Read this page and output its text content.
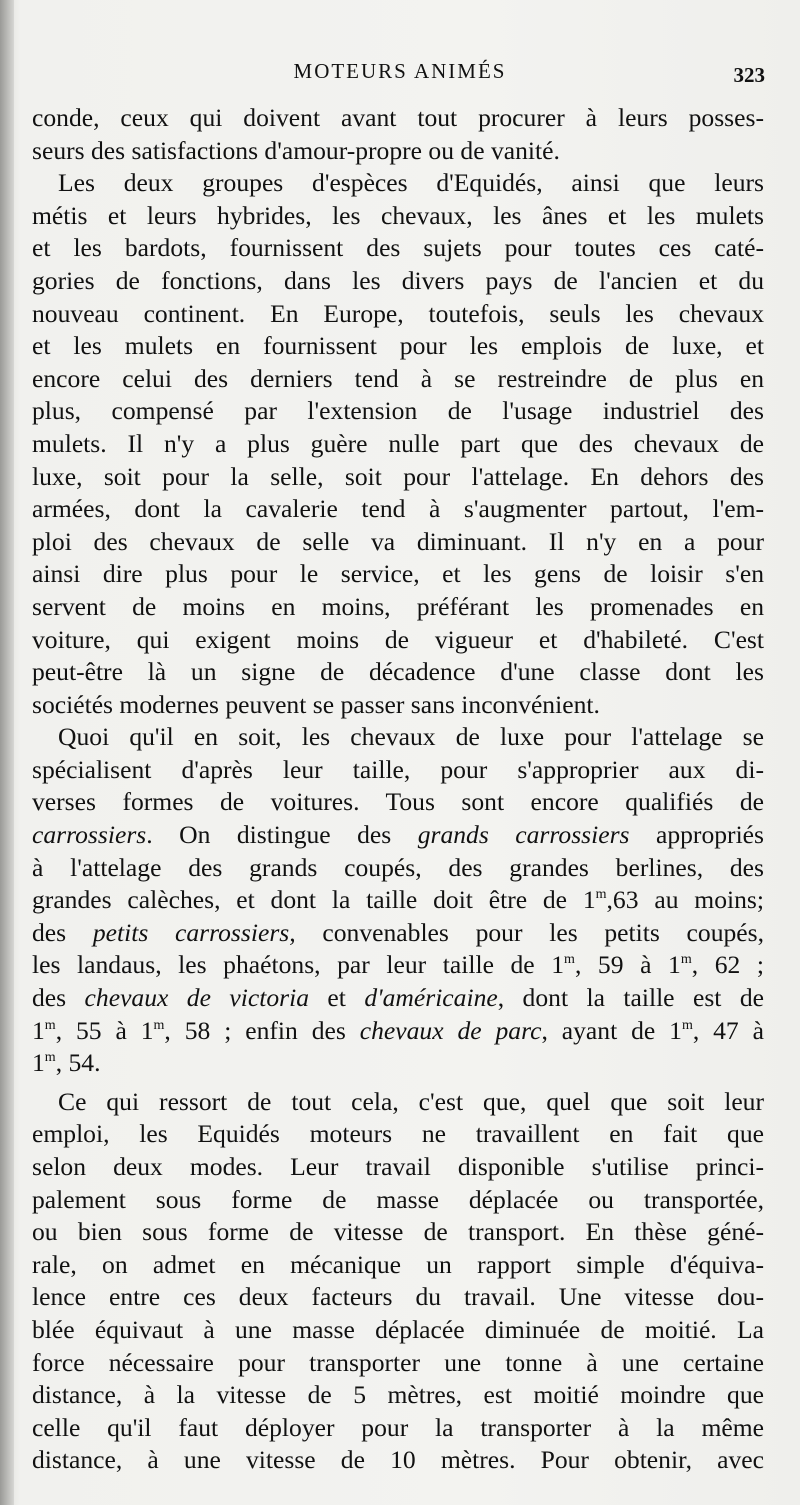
MOTEURS ANIMÉS	323

conde, ceux qui doivent avant tout procurer à leurs posses-

seurs des satisfactions d'amour-propre ou de vanité.

Les deux groupes d'espèces d'Equidés, ainsi que leurs

métis et leurs hybrides, les chevaux, les ânes et les mulets

et les bardots, fournissent des sujets pour toutes ces caté-

gories de fonctions, dans les divers pays de l'ancien et du

nouveau continent. En Europe, toutefois, seuls les chevaux

et les mulets en fournissent pour les emplois de luxe, et

encore celui des derniers tend à se restreindre de plus en

plus, compensé par l'extension de l'usage industriel des

mulets. Il n'y a plus guère nulle part que des chevaux de

luxe, soit pour la selle, soit pour l'attelage. En dehors des

armées, dont la cavalerie tend à s'augmenter partout, l'em-

ploi des chevaux de selle va diminuant. Il n'y en a pour

ainsi dire plus pour le service, et les gens de loisir s'en

servent de moins en moins, préférant les promenades en

voiture, qui exigent moins de vigueur et d'habileté. C'est

peut-être là un signe de décadence d'une classe dont les

sociétés modernes peuvent se passer sans inconvénient.

Quoi qu'il en soit, les chevaux de luxe pour l'attelage se

spécialisent d'après leur taille, pour s'approprier aux di-

verses formes de voitures. Tous sont encore qualifiés de

carrossiers. On distingue des grands carrossiers appropriés

à l'attelage des grands coupés, des grandes berlines, des

grandes calèches, et dont la taille doit être de 1$^m$,63 au moins;

des petits carrossiers, convenables pour les petits coupés,

les landaus, les phaétons, par leur taille de 1$^m$, 59 à 1$^m$, 62 ;

des chevaux de victoria et d'américaine, dont la taille est de

1$^m$, 55 à 1$^m$, 58 ; enfin des chevaux de parc, ayant de 1$^m$, 47 à

1$^m$, 54.

Ce qui ressort de tout cela, c'est que, quel que soit leur

emploi, les Equidés moteurs ne travaillent en fait que

selon deux modes. Leur travail disponible s'utilise princi-

palement sous forme de masse déplacée ou transportée,

ou bien sous forme de vitesse de transport. En thèse géné-

rale, on admet en mécanique un rapport simple d'équiva-

lence entre ces deux facteurs du travail. Une vitesse dou-

blée équivaut à une masse déplacée diminuée de moitié. La

force nécessaire pour transporter une tonne à une certaine

distance, à la vitesse de 5 mètres, est moitié moindre que

celle qu'il faut déployer pour la transporter à la même

distance, à une vitesse de 10 mètres. Pour obtenir, avec
